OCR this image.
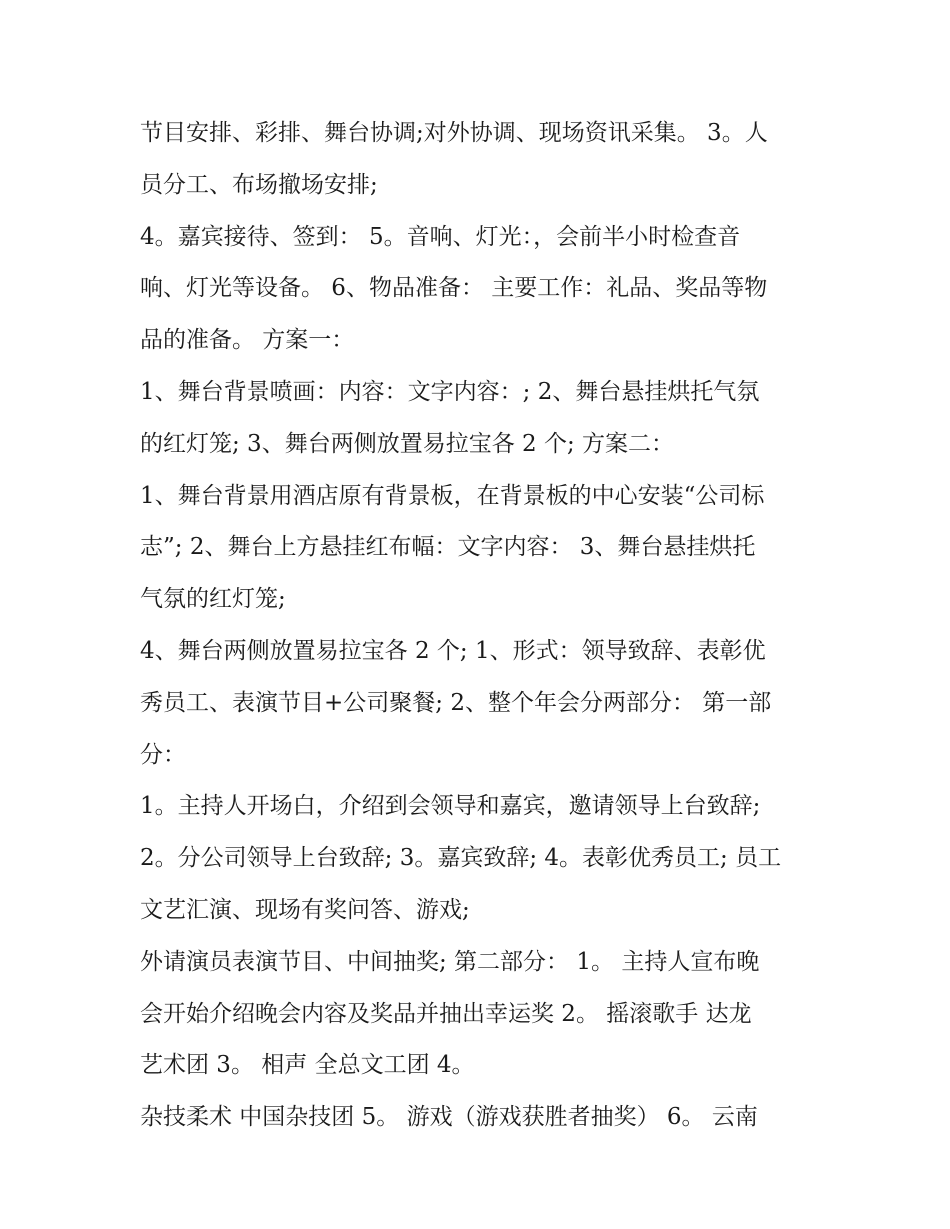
节目安排、彩排、舞台协调;对外协调、现场资讯采集。 3。人
员分工、布场撤场安排;
4。嘉宾接待、签到： 5。音响、灯光：，会前半小时检查音
响、灯光等设备。 6、物品准备： 主要工作：礼品、奖品等物
品的准备。 方案一：
1、舞台背景喷画：内容：文字内容：; 2、舞台悬挂烘托气氛
的红灯笼; 3、舞台两侧放置易拉宝各 2 个; 方案二：
1、舞台背景用酒店原有背景板，在背景板的中心安装“公司标
志”; 2、舞台上方悬挂红布幅：文字内容： 3、舞台悬挂烘托
气氛的红灯笼;
4、舞台两侧放置易拉宝各 2 个; 1、形式：领导致辞、表彰优
秀员工、表演节目+公司聚餐; 2、整个年会分两部分： 第一部
分：
1。主持人开场白，介绍到会领导和嘉宾，邀请领导上台致辞;
2。分公司领导上台致辞; 3。嘉宾致辞; 4。表彰优秀员工; 员工
文艺汇演、现场有奖问答、游戏;
外请演员表演节目、中间抽奖; 第二部分： 1。 主持人宣布晚
会开始介绍晚会内容及奖品并抽出幸运奖 2。 摇滚歌手 达龙
艺术团 3。 相声 全总文工团 4。
杂技柔术 中国杂技团 5。 游戏（游戏获胜者抽奖） 6。 云南
